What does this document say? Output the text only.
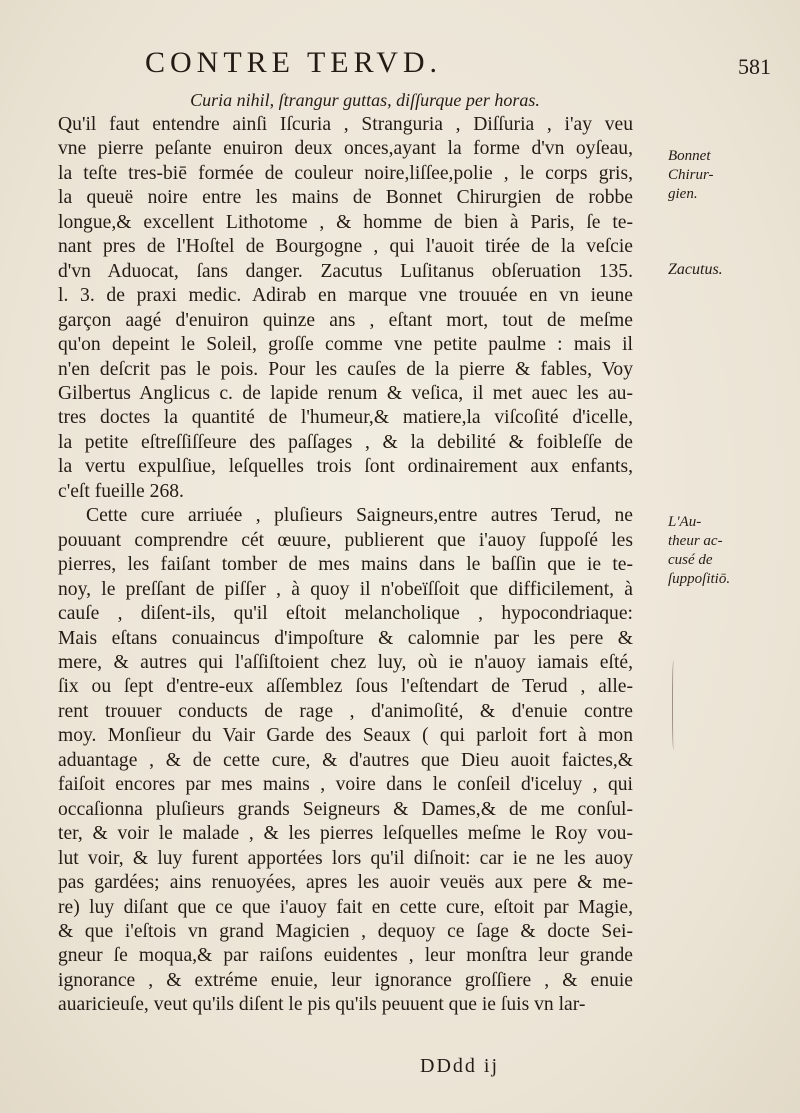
CONTRE TERVD.	581
Curia nihil, ſtrangur guttas, diſſurque per horas.
Qu'il faut entendre ainſi Iſcuria , Stranguria , Diſſuria , i'ay veu
vne pierre peſante enuiron deux onces,ayant la forme d'vn oyſeau,
la teſte tres-biē formée de couleur noire,liſſee,polie , le corps gris,
la queuë noire entre les mains de Bonnet Chirurgien de robbe
longue,& excellent Lithotome , & homme de bien à Paris, ſe te-
nant pres de l'Hoſtel de Bourgogne , qui l'auoit tirée de la veſcie
d'vn Aduocat, ſans danger. Zacutus Luſitanus obſeruation 135.
l. 3. de praxi medic. Adirab en marque vne trouuée en vn ieune
garçon aagé d'enuiron quinze ans , eſtant mort, tout de meſme
qu'on depeint le Soleil, groſſe comme vne petite paulme : mais il
n'en deſcrit pas le pois. Pour les cauſes de la pierre & fables, Voy
Gilbertus Anglicus c. de lapide renum & veſica, il met auec les au-
tres doctes la quantité de l'humeur,& matiere,la viſcoſité d'icelle,
la petite eſtreſſiſſeure des paſſages , & la debilité & foibleſſe de
la vertu expulſiue, leſquelles trois ſont ordinairement aux enfants,
c'eſt fueille 268.
Cette cure arriuée , pluſieurs Saigneurs,entre autres Terud, ne
pouuant comprendre cét œuure, publierent que i'auoy ſuppoſé les
pierres, les faiſant tomber de mes mains dans le baſſin que ie te-
noy, le preſſant de piſſer , à quoy il n'obeïſſoit que difficilement, à
cauſe , diſent-ils, qu'il eſtoit melancholique , hypocondriaque:
Mais eſtans conuaincus d'impoſture & calomnie par les pere &
mere, & autres qui l'aſſiſtoient chez luy, où ie n'auoy iamais eſté,
ſix ou ſept d'entre-eux aſſemblez ſous l'eſtendart de Terud , alle-
rent trouuer conducts de rage , d'animoſité, & d'enuie contre
moy. Monſieur du Vair Garde des Seaux ( qui parloit fort à mon
aduantage , & de cette cure, & d'autres que Dieu auoit faictes,&
faiſoit encores par mes mains , voire dans le conſeil d'iceluy , qui
occaſionna pluſieurs grands Seigneurs & Dames,& de me conſul-
ter, & voir le malade , & les pierres leſquelles meſme le Roy vou-
lut voir, & luy furent apportées lors qu'il diſnoit: car ie ne les auoy
pas gardées; ains renuoyées, apres les auoir veuës aux pere & me-
re) luy diſant que ce que i'auoy fait en cette cure, eſtoit par Magie,
& que i'eſtois vn grand Magicien , dequoy ce ſage & docte Sei-
gneur ſe moqua,& par raiſons euidentes , leur monſtra leur grande
ignorance , & extréme enuie, leur ignorance groſſiere , & enuie
auaricieuſe, veut qu'ils diſent le pis qu'ils peuuent que ie ſuis vn lar-
Bonnet
Chirur-
gien.
Zacutus.
L'Au-
theur ac-
cusé de
ſuppoſitiō.
DDdd ij
